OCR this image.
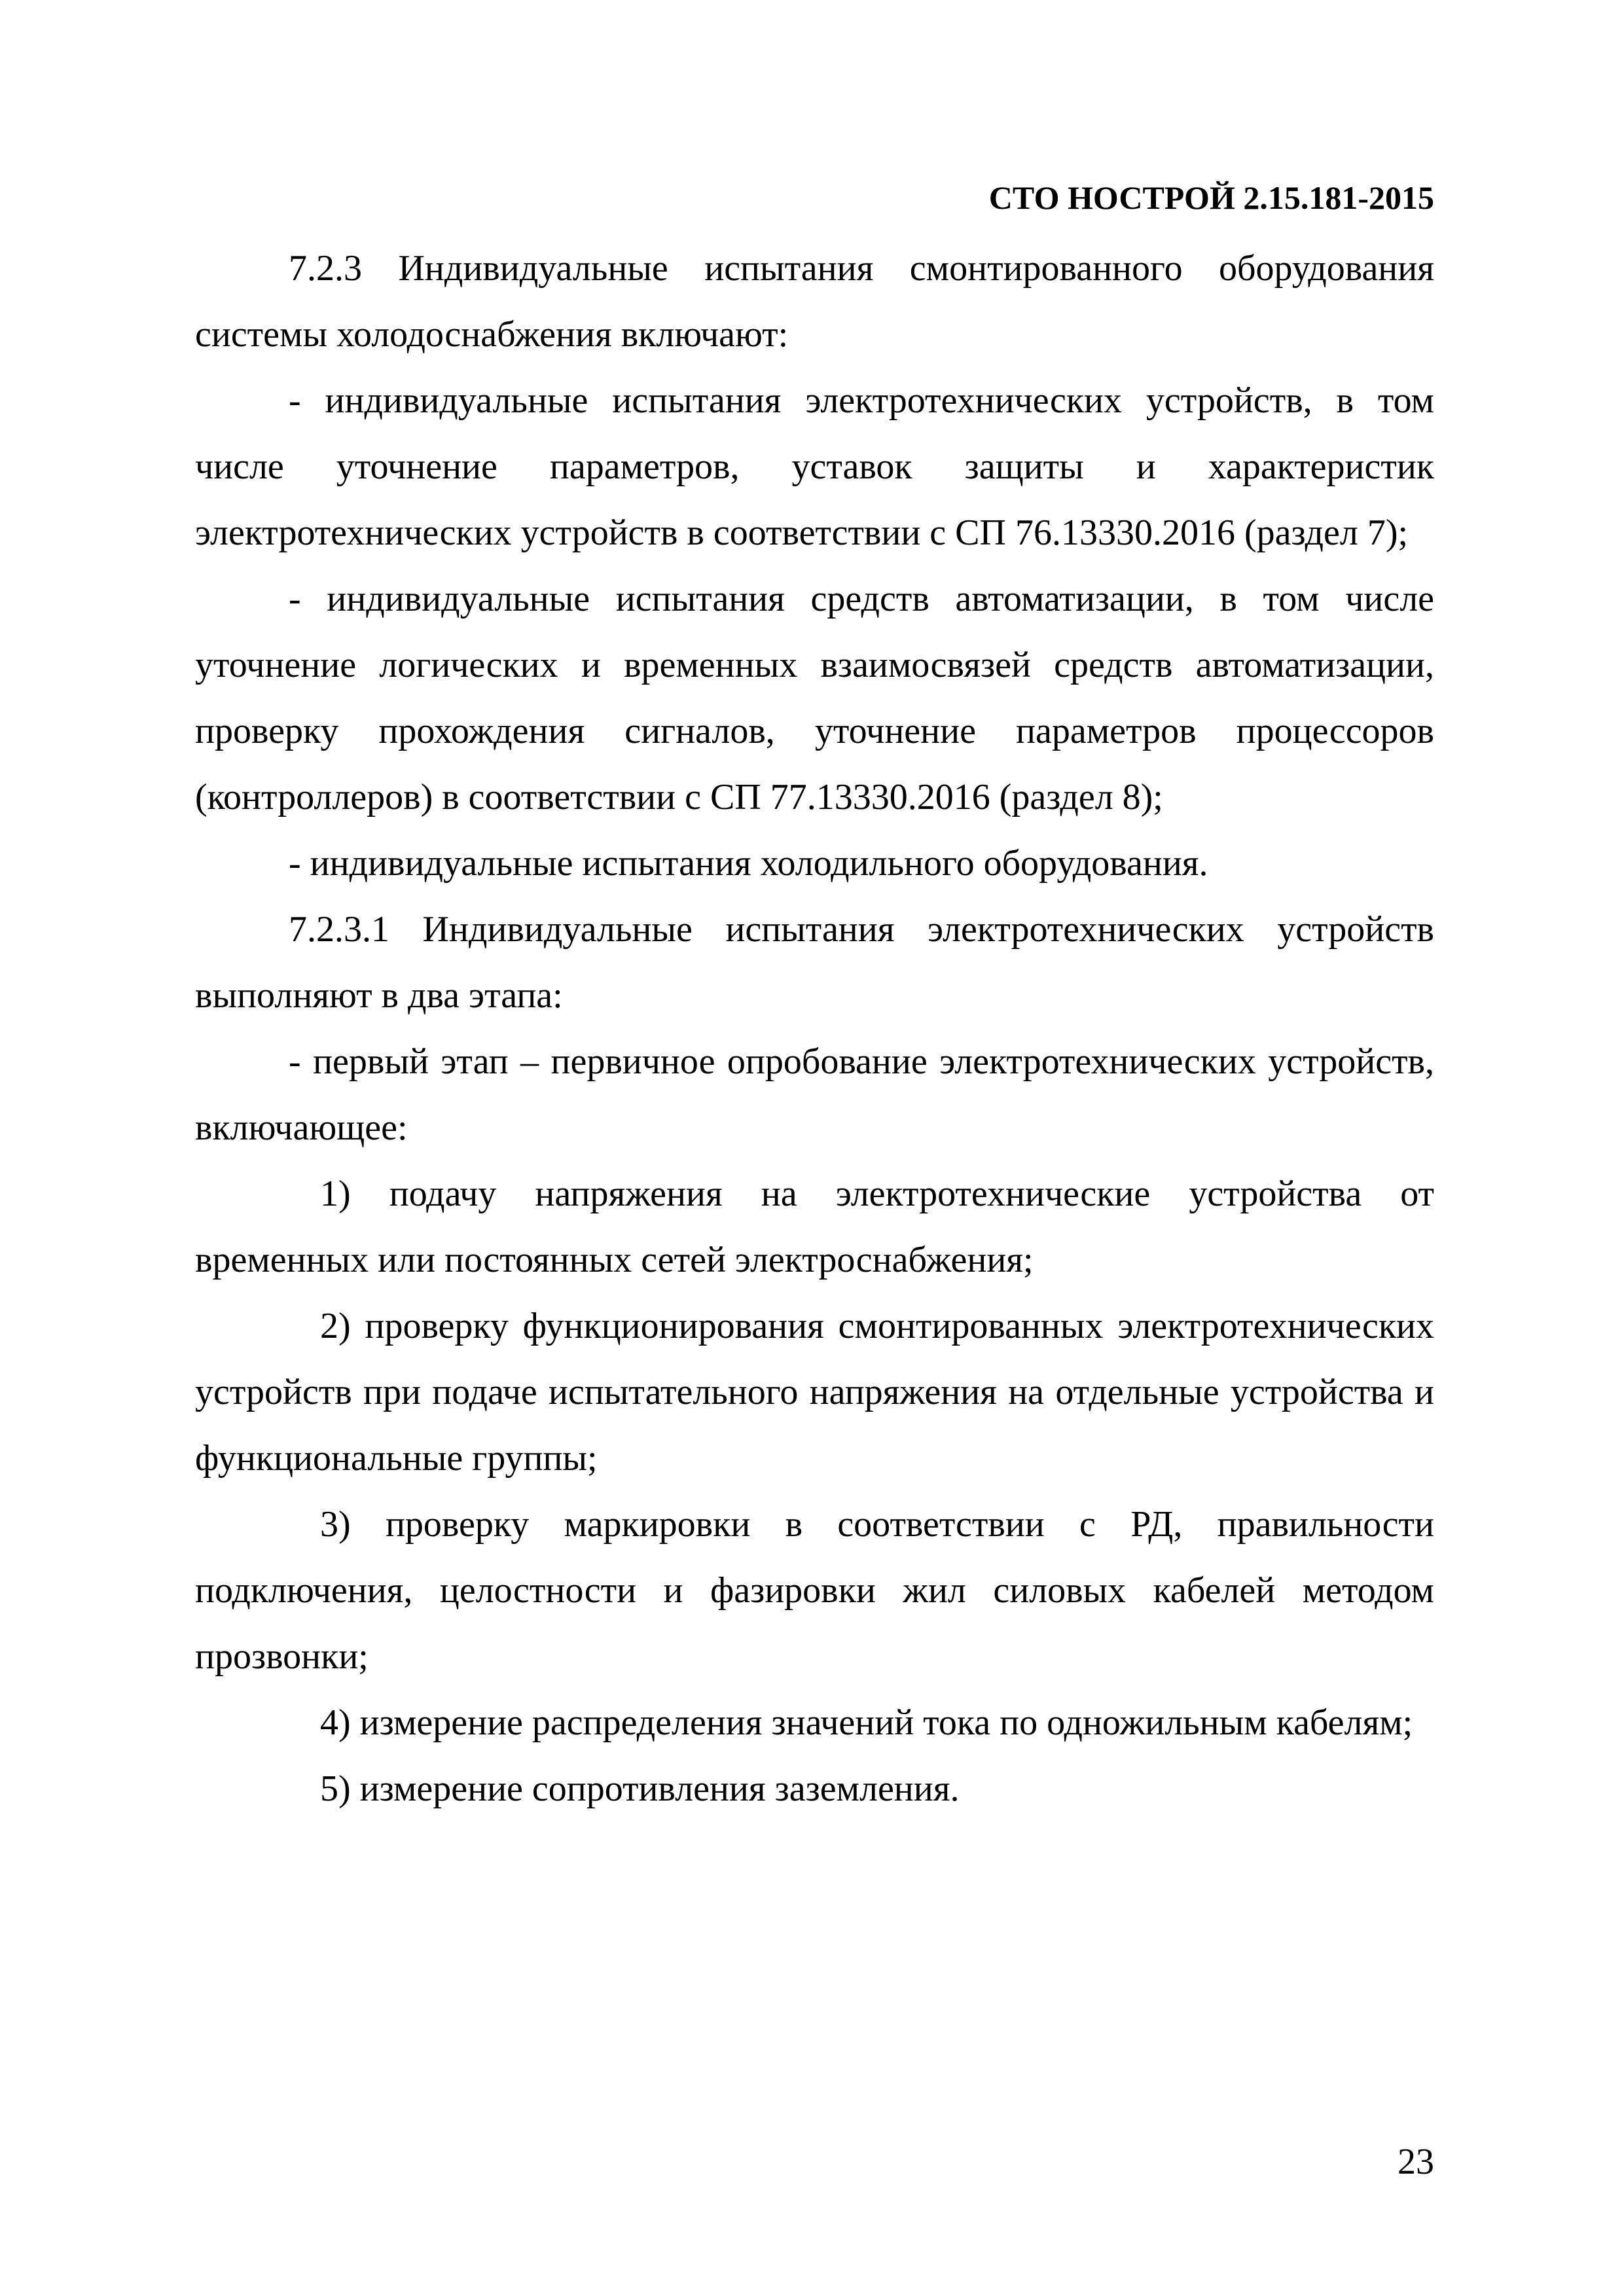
СТО НОСТРОЙ 2.15.181-2015

7.2.3 Индивидуальные испытания смонтированного оборудования системы холодоснабжения включают:

- индивидуальные испытания электротехнических устройств, в том числе уточнение параметров, уставок защиты и характеристик электротехнических устройств в соответствии с СП 76.13330.2016 (раздел 7);

- индивидуальные испытания средств автоматизации, в том числе уточнение логических и временных взаимосвязей средств автоматизации, проверку прохождения сигналов, уточнение параметров процессоров (контроллеров) в соответствии с СП 77.13330.2016 (раздел 8);

- индивидуальные испытания холодильного оборудования.

7.2.3.1 Индивидуальные испытания электротехнических устройств выполняют в два этапа:

- первый этап – первичное опробование электротехнических устройств, включающее:

1) подачу напряжения на электротехнические устройства от временных или постоянных сетей электроснабжения;

2) проверку функционирования смонтированных электротехнических устройств при подаче испытательного напряжения на отдельные устройства и функциональные группы;

3) проверку маркировки в соответствии с РД, правильности подключения, целостности и фазировки жил силовых кабелей методом прозвонки;

4) измерение распределения значений тока по одножильным кабелям;

5) измерение сопротивления заземления.

23
